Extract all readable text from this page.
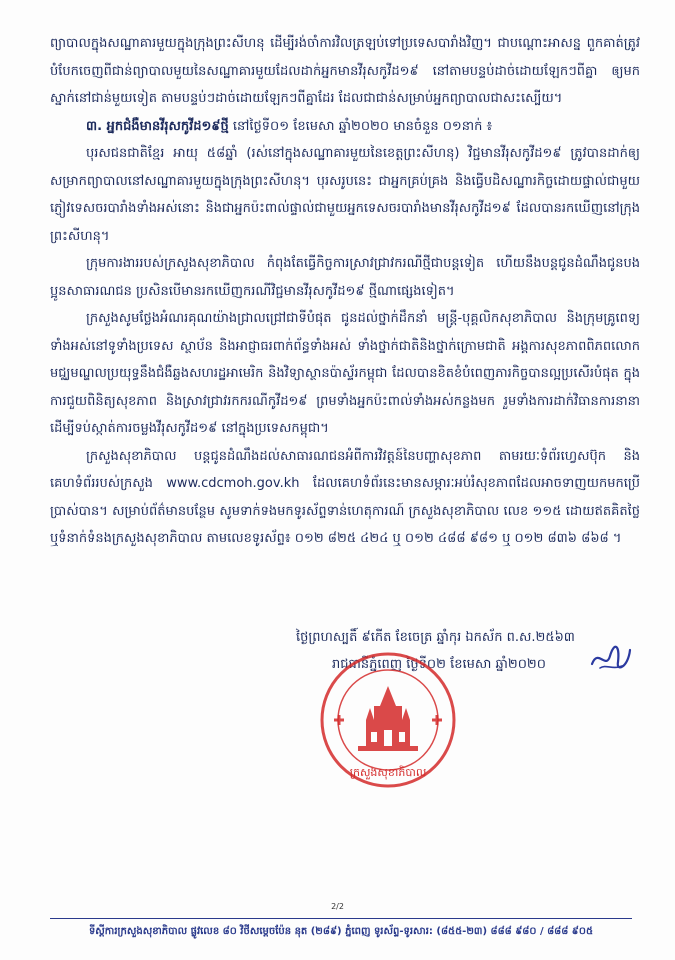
ព្យាបាលក្នុងសណ្ឋាគារមួយក្នុងក្រុងព្រះសីហនុ ដើម្បីរង់ចាំការវិលត្រឡប់ទៅប្រទេសបារាំងវិញ។ ជាបណ្តោះអាសន្ន ពួកគាត់ត្រូវបំបែកចេញពីជាន់ព្យាបាលមួយនៃសណ្ឋាគារមួយដែលដាក់អ្នកមានវីរុសកូវីដ១៩ នៅតាមបន្ទប់ដាច់ដោយឡែកៗពីគ្នា ឲ្យមកស្នាក់នៅជាន់មួយទៀត តាមបន្ទប់ៗដាច់ដោយឡែកៗពីគ្នាដែរ ដែលជាជាន់សម្រាប់អ្នកព្យាបាលជាសះស្បើយ។

៣. អ្នកជំងឺមានវីរុសកូវីដ១៩ថ្មី នៅថ្ងៃទី០១ ខែមេសា ឆ្នាំ២០២០ មានចំនួន ០១នាក់ ៖

បុរសជនជាតិខ្មែរ អាយុ ៥៨ឆ្នាំ (រស់នៅក្នុងសណ្ឋាគារមួយនៃខេត្តព្រះសីហនុ) វិជ្ជមានវីរុសកូវីដ១៩ ត្រូវបានដាក់ឲ្យសម្រាកព្យាបាលនៅសណ្ឋាគារមួយក្នុងក្រុងព្រះសីហនុ។ បុរសរូបនេះ ជាអ្នកគ្រប់គ្រង និងធ្វើបដិសណ្ឋារកិច្ចដោយផ្ទាល់ជាមួយភ្ញៀវទេសចរបារាំងទាំងអស់នោះ និងជាអ្នកប៉ះពាល់ផ្ទាល់ជាមួយអ្នកទេសចរបារាំងមានវីរុសកូវីដ១៩ ដែលបានរកឃើញនៅក្រុងព្រះសីហនុ។

ក្រុមការងាររបស់ក្រសួងសុខាភិបាល កំពុងតែធ្វើកិច្ចការស្រាវជ្រាវករណីថ្មីជាបន្តទៀត ហើយនឹងបន្តជូនដំណឹងជូនបងប្អូនសាធារណជន ប្រសិនបើមានរកឃើញករណីវិជ្ជមានវីរុសកូវីដ១៩ ថ្មីណាផ្សេងទៀត។

ក្រសួងសូមថ្លែងអំណរគុណយ៉ាងជ្រាលជ្រៅជាទីបំផុត ជូនដល់ថ្នាក់ដឹកនាំ មន្ត្រី-បុគ្គលិកសុខាភិបាល និងក្រុមគ្រូពេទ្យទាំងអស់នៅទូទាំងប្រទេស ស្ថាប័ន និងអាជ្ញាធរពាក់ព័ន្ធទាំងអស់ ទាំងថ្នាក់ជាតិនិងថ្នាក់ក្រោមជាតិ អង្គការសុខភាពពិភពលោក មជ្ឈមណ្ឌលប្រយុទ្ធនឹងជំងឺឆ្លងសហរដ្ឋអាមេរិក និងវិទ្យាស្ថានប៉ាស្ទ័រកម្ពុជា ដែលបានខិតខំបំពេញភារកិច្ចបានល្អប្រសើរបំផុត ក្នុងការជួយពិនិត្យសុខភាព និងស្រាវជ្រាវរកករណីកូវីដ១៩ ព្រមទាំងអ្នកប៉ះពាល់ទាំងអស់កន្លងមក រួមទាំងការដាក់វិធានការនានា ដើម្បីទប់ស្កាត់ការចម្លងវីរុសកូវីដ១៩ នៅក្នុងប្រទេសកម្ពុជា។

ក្រសួងសុខាភិបាល បន្តជូនដំណឹងដល់សាធារណជនអំពីការវិវត្តន៍នៃបញ្ហាសុខភាព តាមរយៈទំព័រហ្វេសប៊ុក និងគេហទំព័ររបស់ក្រសួង www.cdcmoh.gov.kh ដែលគេហទំព័រនេះមានសម្ភារៈអប់រំសុខភាពដែលអាចទាញយកមកប្រើប្រាស់បាន។ សម្រាប់ព័ត៌មានបន្ថែម សូមទាក់ទងមកទូរស័ព្ទទាន់ហេតុការណ៍ ក្រសួងសុខាភិបាល លេខ ១១៥ ដោយឥតគិតថ្លៃ ឬទំនាក់ទំនងក្រសួងសុខាភិបាល តាមលេខទូរស័ព្ទ៖ ០១២ ៨២៥ ៤២៤ ឬ ០១២ ៤៨៨ ៩៨១ ឬ ០១២ ៨៣៦ ៨៦៨ ។

ថ្ងៃព្រហស្បតិ៍ ៩កើត ខែចេត្រ ឆ្នាំកុរ ឯកស័ក ព.ស.២៥៦៣
រាជធានីភ្នំពេញ ថ្ងៃទី០២ ខែមេសា ឆ្នាំ២០២០
ក្រសួងសុខាភិបាល
2/2
ទីស្តីការក្រសួងសុខាភិបាល ផ្លូវលេខ ៨០ វិថីសម្តេចប៉ែន នុត (២៨៩) ភ្នំពេញ ទូរស័ព្ទ-ទូរសារ: (៨៥៥-២៣) ៨៨៨ ៩៨០ / ៨៨៨ ៩០៥
